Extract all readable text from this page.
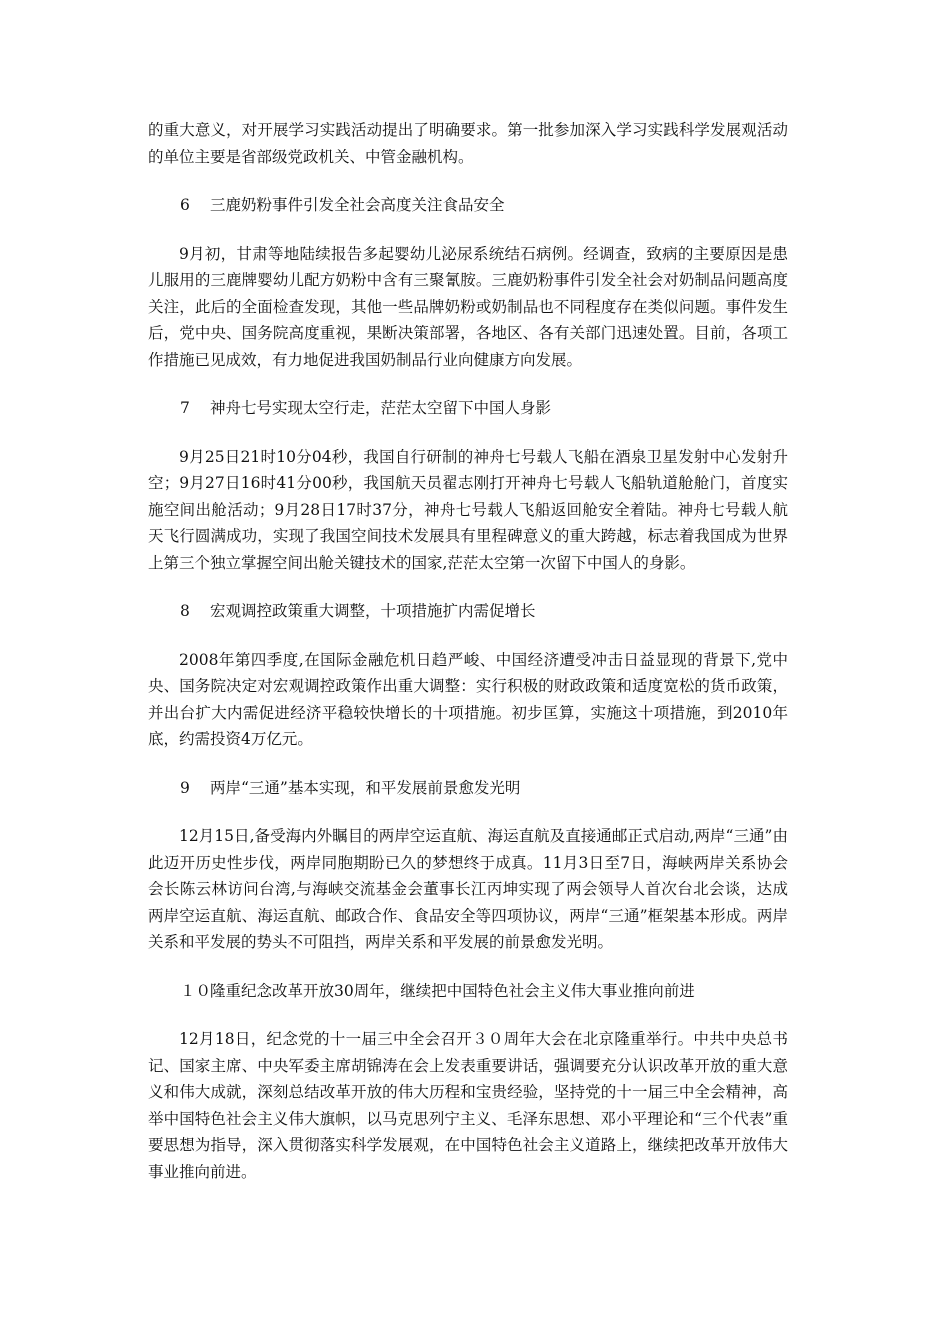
的重大意义，对开展学习实践活动提出了明确要求。第一批参加深入学习实践科学发展观活动的单位主要是省部级党政机关、中管金融机构。

6 三鹿奶粉事件引发全社会高度关注食品安全

9月初，甘肃等地陆续报告多起婴幼儿泌尿系统结石病例。经调查，致病的主要原因是患儿服用的三鹿牌婴幼儿配方奶粉中含有三聚氰胺。三鹿奶粉事件引发全社会对奶制品问题高度关注，此后的全面检查发现，其他一些品牌奶粉或奶制品也不同程度存在类似问题。事件发生后，党中央、国务院高度重视，果断决策部署，各地区、各有关部门迅速处置。目前，各项工作措施已见成效，有力地促进我国奶制品行业向健康方向发展。

7 神舟七号实现太空行走，茫茫太空留下中国人身影

9月25日21时10分04秒，我国自行研制的神舟七号载人飞船在酒泉卫星发射中心发射升空；9月27日16时41分00秒，我国航天员翟志刚打开神舟七号载人飞船轨道舱舱门，首度实施空间出舱活动；9月28日17时37分，神舟七号载人飞船返回舱安全着陆。神舟七号载人航天飞行圆满成功，实现了我国空间技术发展具有里程碑意义的重大跨越，标志着我国成为世界上第三个独立掌握空间出舱关键技术的国家,茫茫太空第一次留下中国人的身影。

8 宏观调控政策重大调整，十项措施扩内需促增长

2008年第四季度,在国际金融危机日趋严峻、中国经济遭受冲击日益显现的背景下,党中央、国务院决定对宏观调控政策作出重大调整：实行积极的财政政策和适度宽松的货币政策，并出台扩大内需促进经济平稳较快增长的十项措施。初步匡算，实施这十项措施，到2010年底，约需投资4万亿元。

9 两岸“三通”基本实现，和平发展前景愈发光明

12月15日,备受海内外瞩目的两岸空运直航、海运直航及直接通邮正式启动,两岸“三通”由此迈开历史性步伐，两岸同胞期盼已久的梦想终于成真。11月3日至7日，海峡两岸关系协会会长陈云林访问台湾,与海峡交流基金会董事长江丙坤实现了两会领导人首次台北会谈，达成两岸空运直航、海运直航、邮政合作、食品安全等四项协议，两岸“三通”框架基本形成。两岸关系和平发展的势头不可阻挡，两岸关系和平发展的前景愈发光明。

１０隆重纪念改革开放30周年，继续把中国特色社会主义伟大事业推向前进

12月18日，纪念党的十一届三中全会召开３０周年大会在北京隆重举行。中共中央总书记、国家主席、中央军委主席胡锦涛在会上发表重要讲话，强调要充分认识改革开放的重大意义和伟大成就，深刻总结改革开放的伟大历程和宝贵经验，坚持党的十一届三中全会精神，高举中国特色社会主义伟大旗帜，以马克思列宁主义、毛泽东思想、邓小平理论和“三个代表”重要思想为指导，深入贯彻落实科学发展观，在中国特色社会主义道路上，继续把改革开放伟大事业推向前进。
